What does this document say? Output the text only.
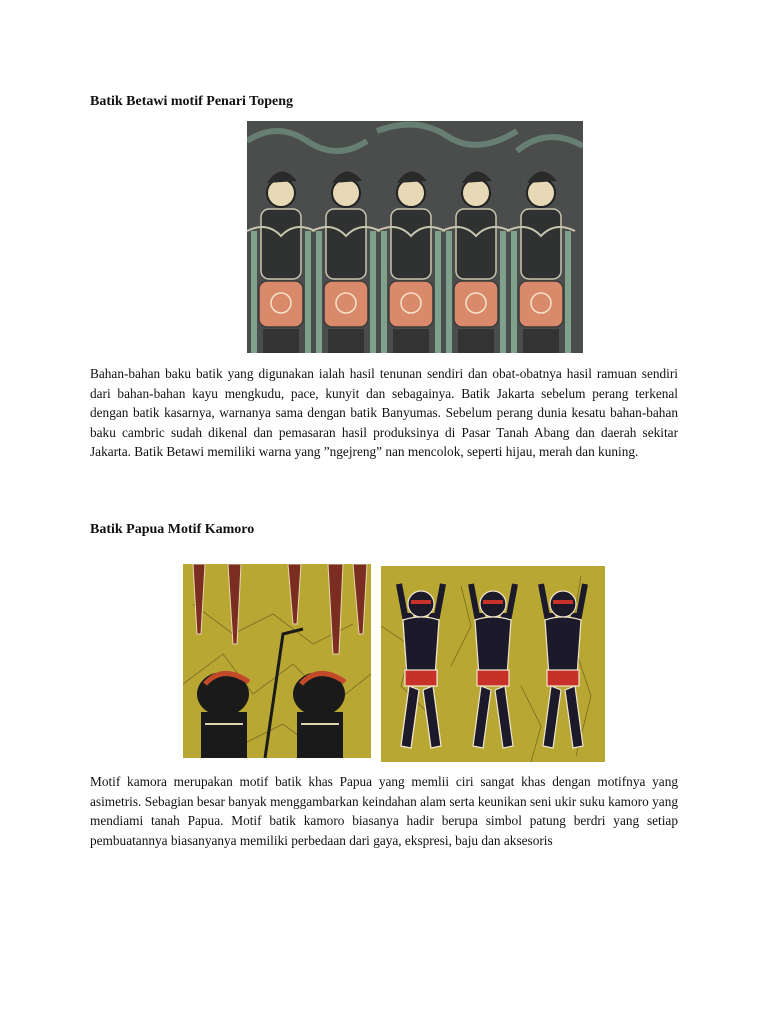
Batik Betawi motif Penari Topeng

Bahan-bahan baku batik yang digunakan ialah hasil tenunan sendiri dan obat-obatnya hasil ramuan sendiri dari bahan-bahan kayu mengkudu, pace, kunyit dan sebagainya. Batik Jakarta sebelum perang terkenal dengan batik kasarnya, warnanya sama dengan batik Banyumas. Sebelum perang dunia kesatu bahan-bahan baku cambric sudah dikenal dan pemasaran hasil produksinya di Pasar Tanah Abang dan daerah sekitar Jakarta. Batik Betawi memiliki warna yang ”ngejreng” nan mencolok, seperti hijau, merah dan kuning.

Batik Papua Motif Kamoro

Motif kamora merupakan motif batik khas Papua yang memlii ciri sangat khas dengan motifnya yang asimetris. Sebagian besar banyak menggambarkan keindahan alam serta keunikan seni ukir suku kamoro yang mendiami tanah Papua. Motif batik kamoro biasanya hadir berupa simbol patung berdri yang setiap pembuatannya biasanyanya memiliki perbedaan dari gaya, ekspresi, baju dan aksesoris
